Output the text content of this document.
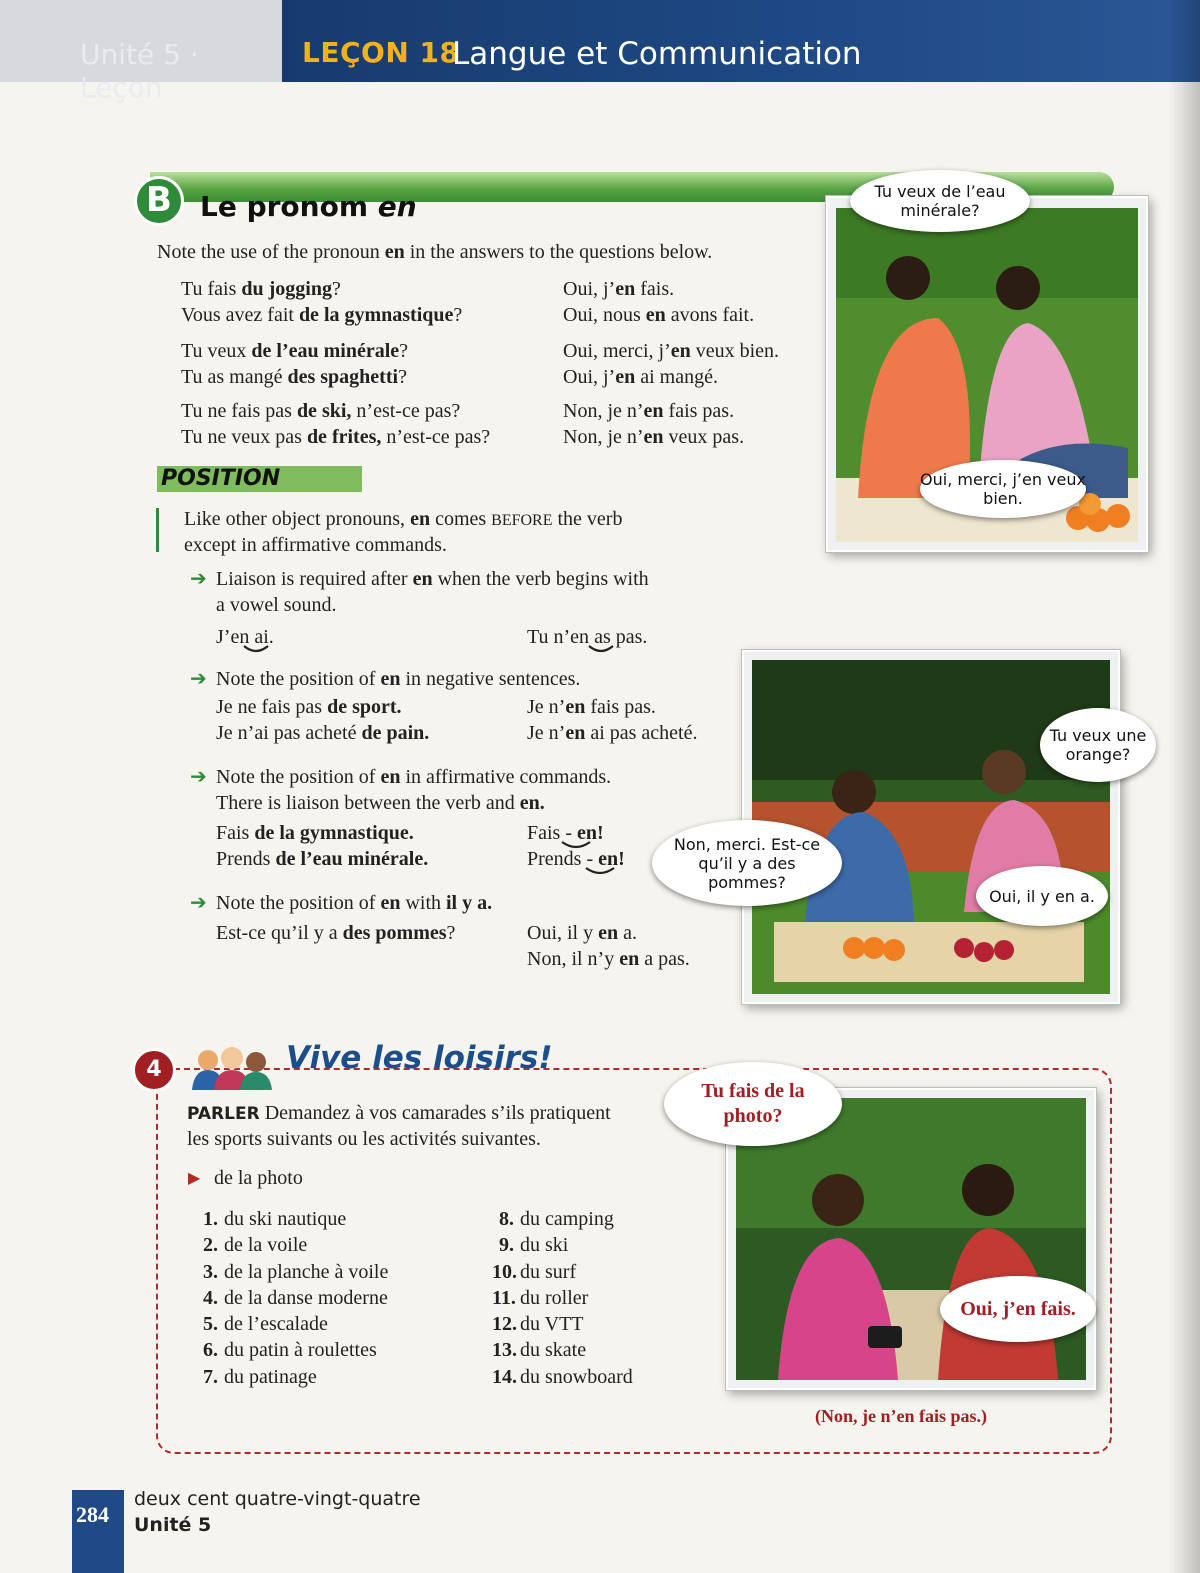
Unité 5 · Leçon
LEÇON 18
Langue et Communication
B	Le pronom en
Note the use of the pronoun en in the answers to the questions below.
Tu fais du jogging?	Oui, j’en fais.
Vous avez fait de la gymnastique?	Oui, nous en avons fait.
Tu veux de l’eau minérale?	Oui, merci, j’en veux bien.
Tu as mangé des spaghetti?	Oui, j’en ai mangé.
Tu ne fais pas de ski, n’est-ce pas?	Non, je n’en fais pas.
Tu ne veux pas de frites, n’est-ce pas?	Non, je n’en veux pas.
POSITION
Like other object pronouns, en comes BEFORE the verb
except in affirmative commands.
➔ Liaison is required after en when the verb begins with
a vowel sound.
J’en ai.	Tu n’en as pas.
➔ Note the position of en in negative sentences.
Je ne fais pas de sport.	Je n’en fais pas.
Je n’ai pas acheté de pain.	Je n’en ai pas acheté.
➔ Note the position of en in affirmative commands.
There is liaison between the verb and en.
Fais de la gymnastique.	Fais - en!
Prends de l’eau minérale.	Prends - en!
➔ Note the position of en with il y a.
Est-ce qu’il y a des pommes?	Oui, il y en a.
Non, il n’y en a pas.
Tu veux de l’eau minérale?
Oui, merci, j’en veux bien.
Tu veux une orange?
Non, merci. Est-ce qu’il y a des pommes?
Oui, il y en a.
4	Vive les loisirs!
PARLER Demandez à vos camarades s’ils pratiquent
les sports suivants ou les activités suivantes.
▶ de la photo
1. du ski nautique
2. de la voile
3. de la planche à voile
4. de la danse moderne
5. de l’escalade
6. du patin à roulettes
7. du patinage
8. du camping
9. du ski
10. du surf
11. du roller
12. du VTT
13. du skate
14. du snowboard
Tu fais de la photo?
Oui, j’en fais.
(Non, je n’en fais pas.)
284
deux cent quatre-vingt-quatre
Unité 5
